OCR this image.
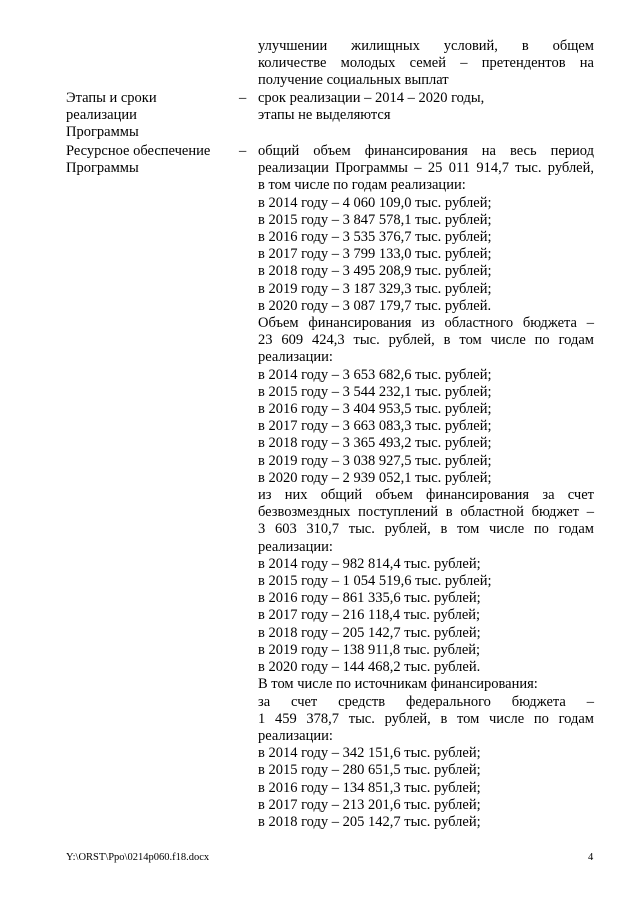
улучшении жилищных условий, в общем

количестве молодых семей – претендентов на

получение социальных выплат

Этапы и сроки
реализации
Программы
– срок реализации – 2014 – 2020 годы,

этапы не выделяются

Ресурсное обеспечение
Программы
– общий объем финансирования на весь период

реализации Программы – 25 011 914,7 тыс. рублей,

в том числе по годам реализации:

в 2014 году – 4 060 109,0 тыс. рублей;

в 2015 году – 3 847 578,1 тыс. рублей;

в 2016 году – 3 535 376,7 тыс. рублей;

в 2017 году – 3 799 133,0 тыс. рублей;

в 2018 году – 3 495 208,9 тыс. рублей;

в 2019 году – 3 187 329,3 тыс. рублей;

в 2020 году – 3 087 179,7 тыс. рублей.

Объем финансирования из областного бюджета –

23 609 424,3 тыс. рублей, в том числе по годам

реализации:

в 2014 году – 3 653 682,6 тыс. рублей;

в 2015 году – 3 544 232,1 тыс. рублей;

в 2016 году – 3 404 953,5 тыс. рублей;

в 2017 году – 3 663 083,3 тыс. рублей;

в 2018 году – 3 365 493,2 тыс. рублей;

в 2019 году – 3 038 927,5 тыс. рублей;

в 2020 году – 2 939 052,1 тыс. рублей;

из них общий объем финансирования за счет

безвозмездных поступлений в областной бюджет –

3 603 310,7 тыс. рублей, в том числе по годам

реализации:

в 2014 году – 982 814,4 тыс. рублей;

в 2015 году – 1 054 519,6 тыс. рублей;

в 2016 году – 861 335,6 тыс. рублей;

в 2017 году – 216 118,4 тыс. рублей;

в 2018 году – 205 142,7 тыс. рублей;

в 2019 году – 138 911,8 тыс. рублей;

в 2020 году – 144 468,2 тыс. рублей.

В том числе по источникам финансирования:

за счет средств федерального бюджета –

1 459 378,7 тыс. рублей, в том числе по годам

реализации:

в 2014 году – 342 151,6 тыс. рублей;

в 2015 году – 280 651,5 тыс. рублей;

в 2016 году – 134 851,3 тыс. рублей;

в 2017 году – 213 201,6 тыс. рублей;

в 2018 году – 205 142,7 тыс. рублей;

Y:\ORST\Ppo\0214p060.f18.docx	4
